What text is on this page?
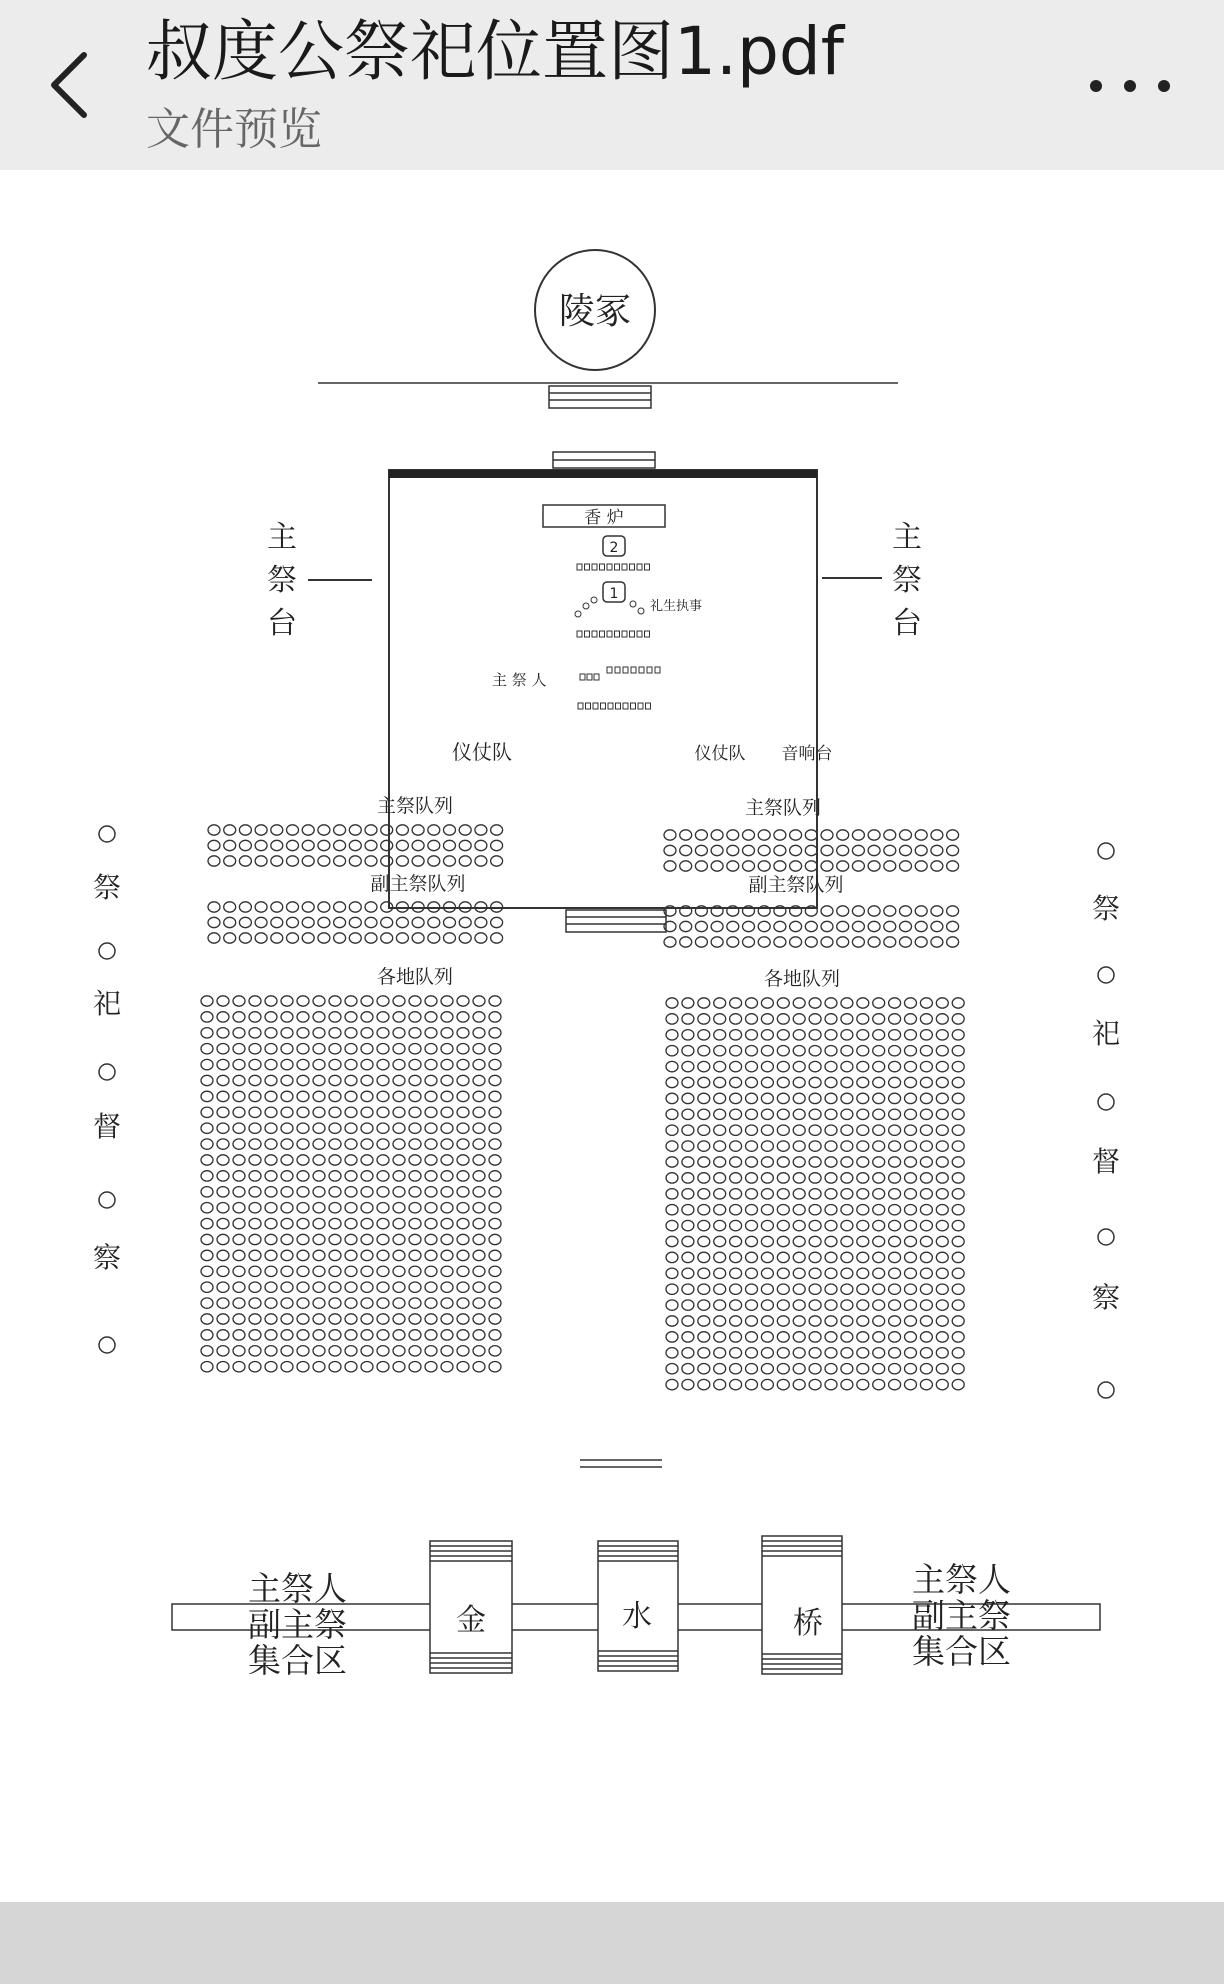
叔度公祭祀位置图1.pdf
文件预览
陵冢
香 炉
2
1
礼生执事
主 祭 人
主
祭
台
主
祭
台
仪仗队	仪仗队 音响台
主祭队列
副主祭队列
各地队列
主祭队列
副主祭队列
各地队列
祭
祀
督
察
祭
祀
督
察
金	水	桥
主祭人
副主祭
集合区
主祭人
副主祭
集合区
